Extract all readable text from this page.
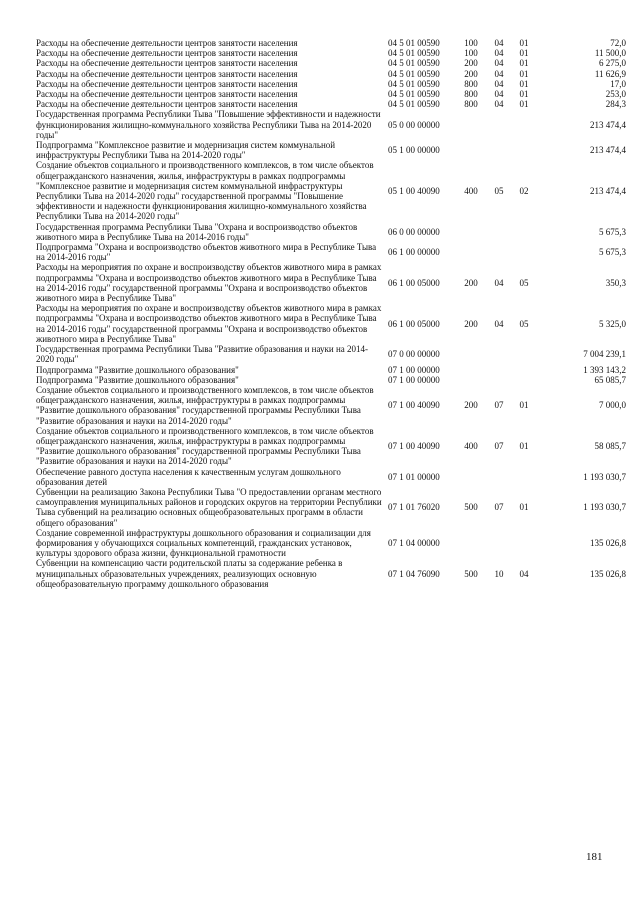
Расходы на обеспечение деятельности центров занятости населения	04 5 01 00590	100	04	01	72,0
Расходы на обеспечение деятельности центров занятости населения	04 5 01 00590	100	04	01	11 500,0
Расходы на обеспечение деятельности центров занятости населения	04 5 01 00590	200	04	01	6 275,0
Расходы на обеспечение деятельности центров занятости населения	04 5 01 00590	200	04	01	11 626,9
Расходы на обеспечение деятельности центров занятости населения	04 5 01 00590	800	04	01	17,0
Расходы на обеспечение деятельности центров занятости населения	04 5 01 00590	800	04	01	253,0
Расходы на обеспечение деятельности центров занятости населения	04 5 01 00590	800	04	01	284,3
Государственная программа Республики Тыва "Повышение эффективности и надежности функционирования жилищно-коммунального хозяйства Республики Тыва на 2014-2020 годы"
05 0 00 00000	213 474,4
Подпрограмма "Комплексное развитие и модернизация систем коммунальной инфраструктуры Республики Тыва на 2014-2020 годы"
05 1 00 00000	213 474,4
Создание объектов социального и производственного комплексов, в том числе объектов общегражданского назначения, жилья, инфраструктуры в рамках подпрограммы "Комплексное развитие и модернизация систем коммунальной инфраструктуры Республики Тыва на 2014-2020 годы" государственной программы "Повышение эффективности и надежности функционирования жилищно-коммунального хозяйства Республики Тыва на 2014-2020 годы"
05 1 00 40090	400	05	02	213 474,4
Государственная программа Республики Тыва "Охрана и воспроизводство объектов животного мира в Республике Тыва на 2014-2016 годы"
06 0 00 00000	5 675,3
Подпрограмма "Охрана и воспроизводство объектов животного мира в Республике Тыва на 2014-2016 годы"
06 1 00 00000	5 675,3
Расходы на мероприятия по охране и воспроизводству объектов животного мира в рамках подпрограммы "Охрана и воспроизводство объектов животного мира в Республике Тыва на 2014-2016 годы" государственной программы "Охрана и воспроизводство объектов животного мира в Республике Тыва"
06 1 00 05000	200	04	05	350,3
Расходы на мероприятия по охране и воспроизводству объектов животного мира в рамках подпрограммы "Охрана и воспроизводство объектов животного мира в Республике Тыва на 2014-2016 годы" государственной программы "Охрана и воспроизводство объектов животного мира в Республике Тыва"
06 1 00 05000	200	04	05	5 325,0
Государственная программа Республики Тыва "Развитие образования и науки на 2014-2020 годы"
07 0 00 00000	7 004 239,1
Подпрограмма "Развитие дошкольного образования"	07 1 00 00000	1 393 143,2
Подпрограмма "Развитие дошкольного образования"	07 1 00 00000	65 085,7
Создание объектов социального и производственного комплексов, в том числе объектов общегражданского назначения, жилья, инфраструктуры в рамках подпрограммы "Развитие дошкольного образования" государственной программы Республики Тыва "Развитие образования и науки на 2014-2020 годы"
07 1 00 40090	200	07	01	7 000,0
Создание объектов социального и производственного комплексов, в том числе объектов общегражданского назначения, жилья, инфраструктуры в рамках подпрограммы "Развитие дошкольного образования" государственной программы Республики Тыва "Развитие образования и науки на 2014-2020 годы"
07 1 00 40090	400	07	01	58 085,7
Обеспечение равного доступа населения к качественным услугам дошкольного образования детей
07 1 01 00000	1 193 030,7
Субвенции на реализацию Закона Республики Тыва "О предоставлении органам местного самоуправления муниципальных районов и городских округов на территории Республики Тыва субвенций на реализацию основных общеобразовательных программ в области общего образования"
07 1 01 76020	500	07	01	1 193 030,7
Создание современной инфраструктуры дошкольного образования и социализации для формирования у обучающихся социальных компетенций, гражданских установок, культуры здорового образа жизни, функциональной грамотности
07 1 04 00000	135 026,8
Субвенции на компенсацию части родительской платы за содержание ребенка в муниципальных образовательных учреждениях, реализующих основную общеобразовательную программу дошкольного образования
07 1 04 76090	500	10	04	135 026,8
181
